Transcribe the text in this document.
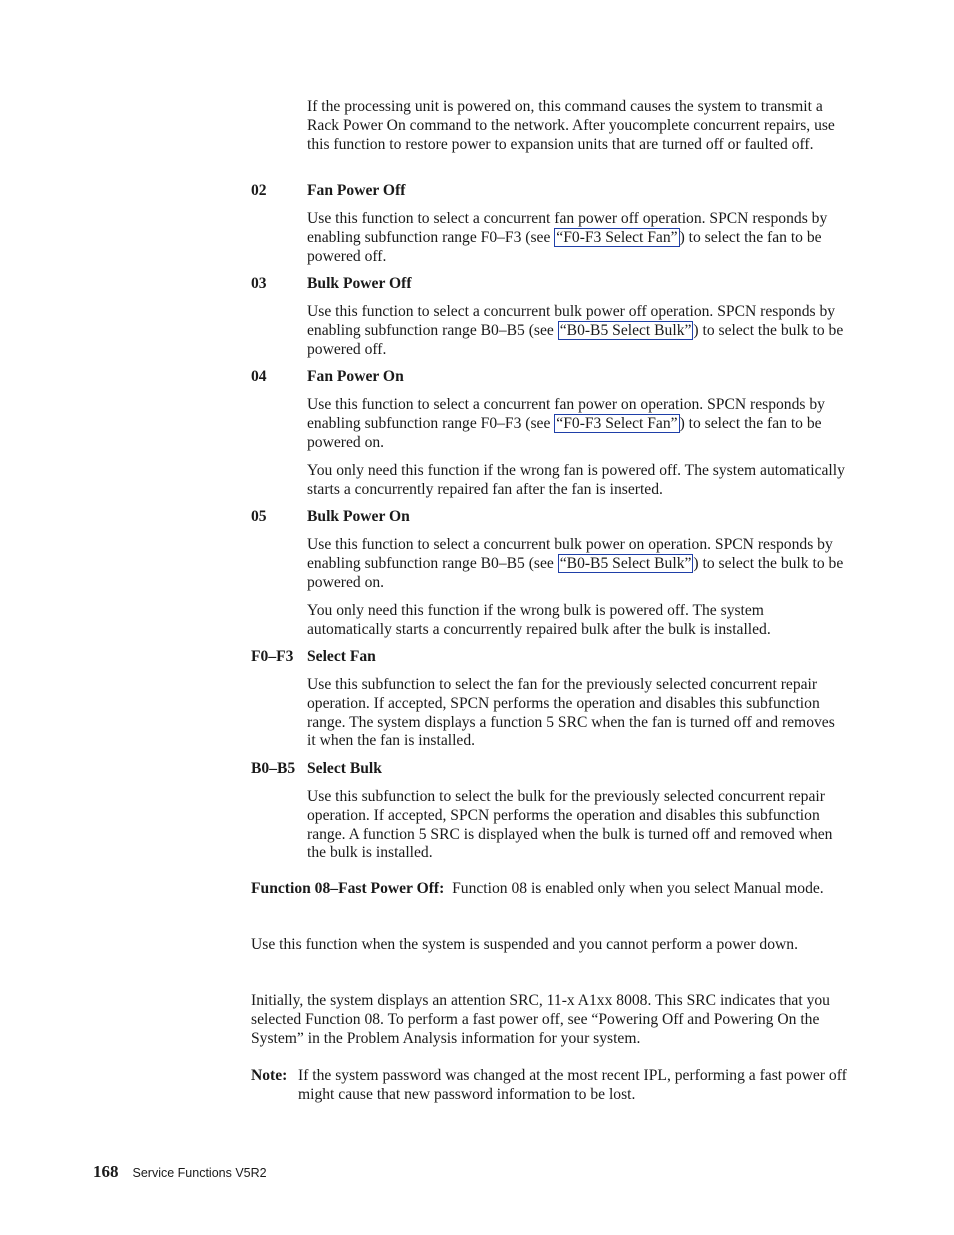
If the processing unit is powered on, this command causes the system to transmit a Rack Power On command to the network. After youcomplete concurrent repairs, use this function to restore power to expansion units that are turned off or faulted off.

02	Fan Power Off

Use this function to select a concurrent fan power off operation. SPCN responds by enabling subfunction range F0–F3 (see “F0-F3 Select Fan” ) to select the fan to be powered off.

03	Bulk Power Off

Use this function to select a concurrent bulk power off operation. SPCN responds by enabling subfunction range B0–B5 (see “B0-B5 Select Bulk” ) to select the bulk to be powered off.

04	Fan Power On

Use this function to select a concurrent fan power on operation. SPCN responds by enabling subfunction range F0–F3 (see “F0-F3 Select Fan” ) to select the fan to be powered on.

You only need this function if the wrong fan is powered off. The system automatically starts a concurrently repaired fan after the fan is inserted.

05	Bulk Power On

Use this function to select a concurrent bulk power on operation. SPCN responds by enabling subfunction range B0–B5 (see “B0-B5 Select Bulk” ) to select the bulk to be powered on.

You only need this function if the wrong bulk is powered off. The system automatically starts a concurrently repaired bulk after the bulk is installed.

F0–F3 Select Fan

Use this subfunction to select the fan for the previously selected concurrent repair operation. If accepted, SPCN performs the operation and disables this subfunction range. The system displays a function 5 SRC when the fan is turned off and removes it when the fan is installed.

B0–B5 Select Bulk

Use this subfunction to select the bulk for the previously selected concurrent repair operation. If accepted, SPCN performs the operation and disables this subfunction range. A function 5 SRC is displayed when the bulk is turned off and removed when the bulk is installed.

Function 08–Fast Power Off: Function 08 is enabled only when you select Manual mode.

Use this function when the system is suspended and you cannot perform a power down.

Initially, the system displays an attention SRC, 11-x A1xx 8008. This SRC indicates that you selected Function 08. To perform a fast power off, see “Powering Off and Powering On the System” in the Problem Analysis information for your system.

Note: If the system password was changed at the most recent IPL, performing a fast power off might cause that new password information to be lost.

168 Service Functions V5R2
